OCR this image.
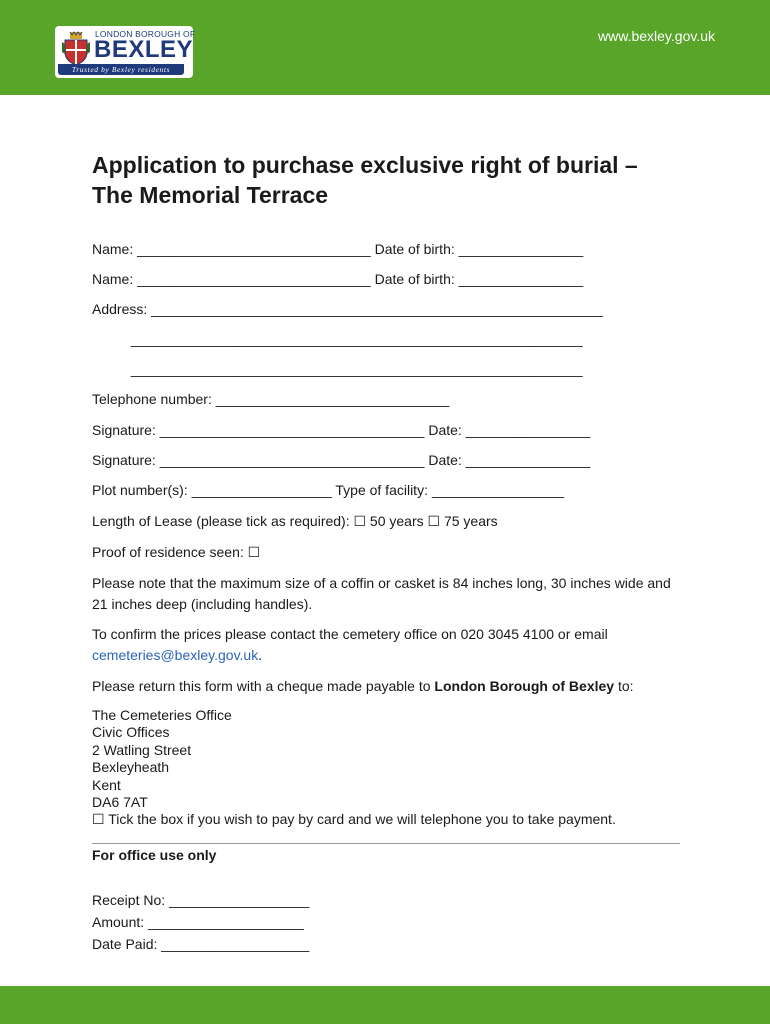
LONDON BOROUGH OF
BEXLEY
Trusted by Bexley residents
www.bexley.gov.uk
Application to purchase exclusive right of burial –
The Memorial Terrace

Name: ______________________________ Date of birth: ________________

Name: ______________________________ Date of birth: ________________

Address: __________________________________________________________

__________________________________________________________

__________________________________________________________

Telephone number: ______________________________

Signature: __________________________________ Date: ________________

Signature: __________________________________ Date: ________________

Plot number(s): __________________ Type of facility: _________________

Length of Lease (please tick as required): ☐ 50 years ☐ 75 years

Proof of residence seen: ☐

Please note that the maximum size of a coffin or casket is 84 inches long, 30 inches wide and 21 inches deep (including handles).

To confirm the prices please contact the cemetery office on 020 3045 4100 or email cemeteries@bexley.gov.uk.

Please return this form with a cheque made payable to London Borough of Bexley to:

The Cemeteries Office
Civic Offices
2 Watling Street
Bexleyheath
Kent
DA6 7AT
☐ Tick the box if you wish to pay by card and we will telephone you to take payment.
For office use only
Receipt No: __________________
Amount: ____________________
Date Paid: ___________________
